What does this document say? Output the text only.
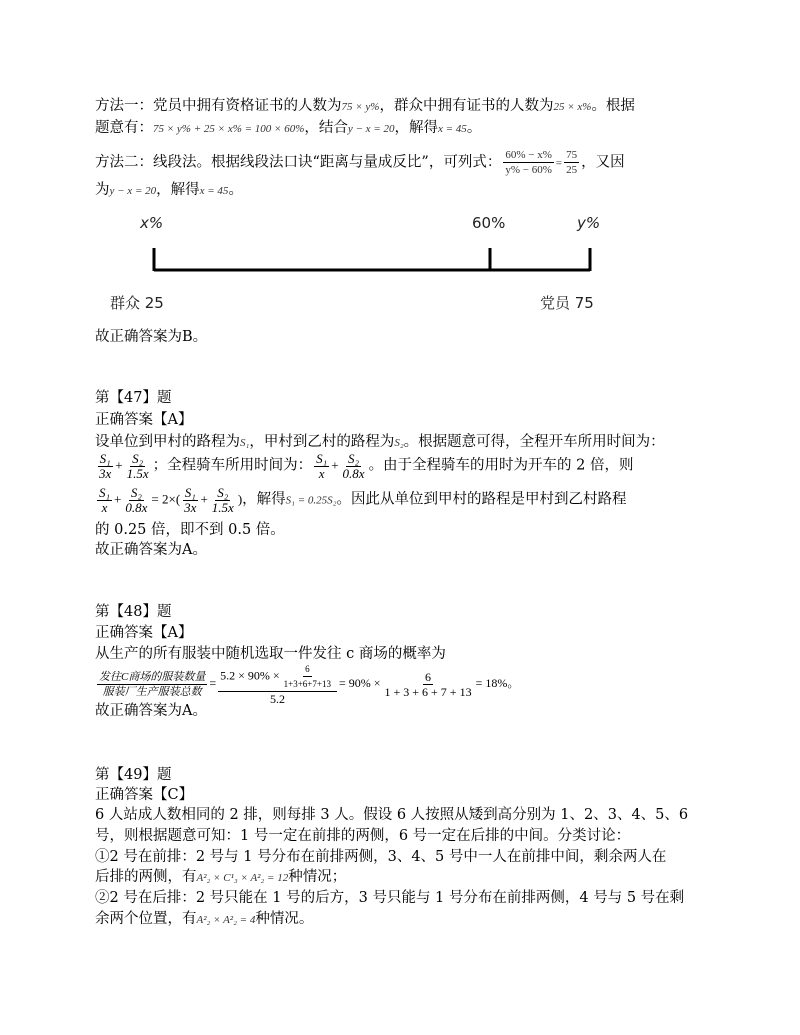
方法一：党员中拥有资格证书的人数为75 × y%，群众中拥有证书的人数为25 × x%。根据
题意有：75 × y% + 25 × x% = 100 × 60%，结合y − x = 20，解得x = 45。
方法二：线段法。根据线段法口诀“距离与量成反比”，可列式： $\frac{60\% - x\%}{y\% - 60\%} = \frac{75}{25}$ ，又因
为y − x = 20，解得x = 45。
x%	60%	y%
群众 25	党员 75
故正确答案为B。
第【47】题
正确答案【A】
设单位到甲村的路程为S₁，甲村到乙村的路程为S₂。根据题意可得，全程开车所用时间为：
$\frac{\text{S₁}}{3x} + \frac{\text{S₂}}{1.5x}$ ；全程骑车所用时间为： $\frac{\text{S₁}}{x} + \frac{\text{S₂}}{0.8x}$ 。由于全程骑车的用时为开车的 2 倍，则
$\frac{\text{S₁}}{x} + \frac{\text{S₂}}{0.8x} = 2\times( \frac{\text{S₁}}{3x} + \frac{\text{S₂}}{1.5x}$ )，解得S₁ = 0.25S₂。因此从单位到甲村的路程是甲村到乙村路程
的 0.25 倍，即不到 0.5 倍。
故正确答案为A。
第【48】题
正确答案【A】
从生产的所有服装中随机选取一件发往 c 商场的概率为
$\frac{\text{发往C商场的服装数量}}{\text{服装厂生产服装总数}} = \frac{5.2 \times 90\% \times \frac{6}{1+3+6+7+13}}{5.2} = 90\% \times \frac{6}{1 + 3 + 6 + 7 + 13} = 18\%$。
故正确答案为A。
第【49】题
正确答案【C】
6 人站成人数相同的 2 排，则每排 3 人。假设 6 人按照从矮到高分别为 1、2、3、4、5、6
号，则根据题意可知：1 号一定在前排的两侧，6 号一定在后排的中间。分类讨论：
①2 号在前排：2 号与 1 号分布在前排两侧，3、4、5 号中一人在前排中间，剩余两人在
后排的两侧，有A²₂ × C¹₃ × A²₂ = 12种情况；
②2 号在后排：2 号只能在 1 号的后方，3 号只能与 1 号分布在前排两侧，4 号与 5 号在剩
余两个位置，有A²₂ × A²₂ = 4种情况。
